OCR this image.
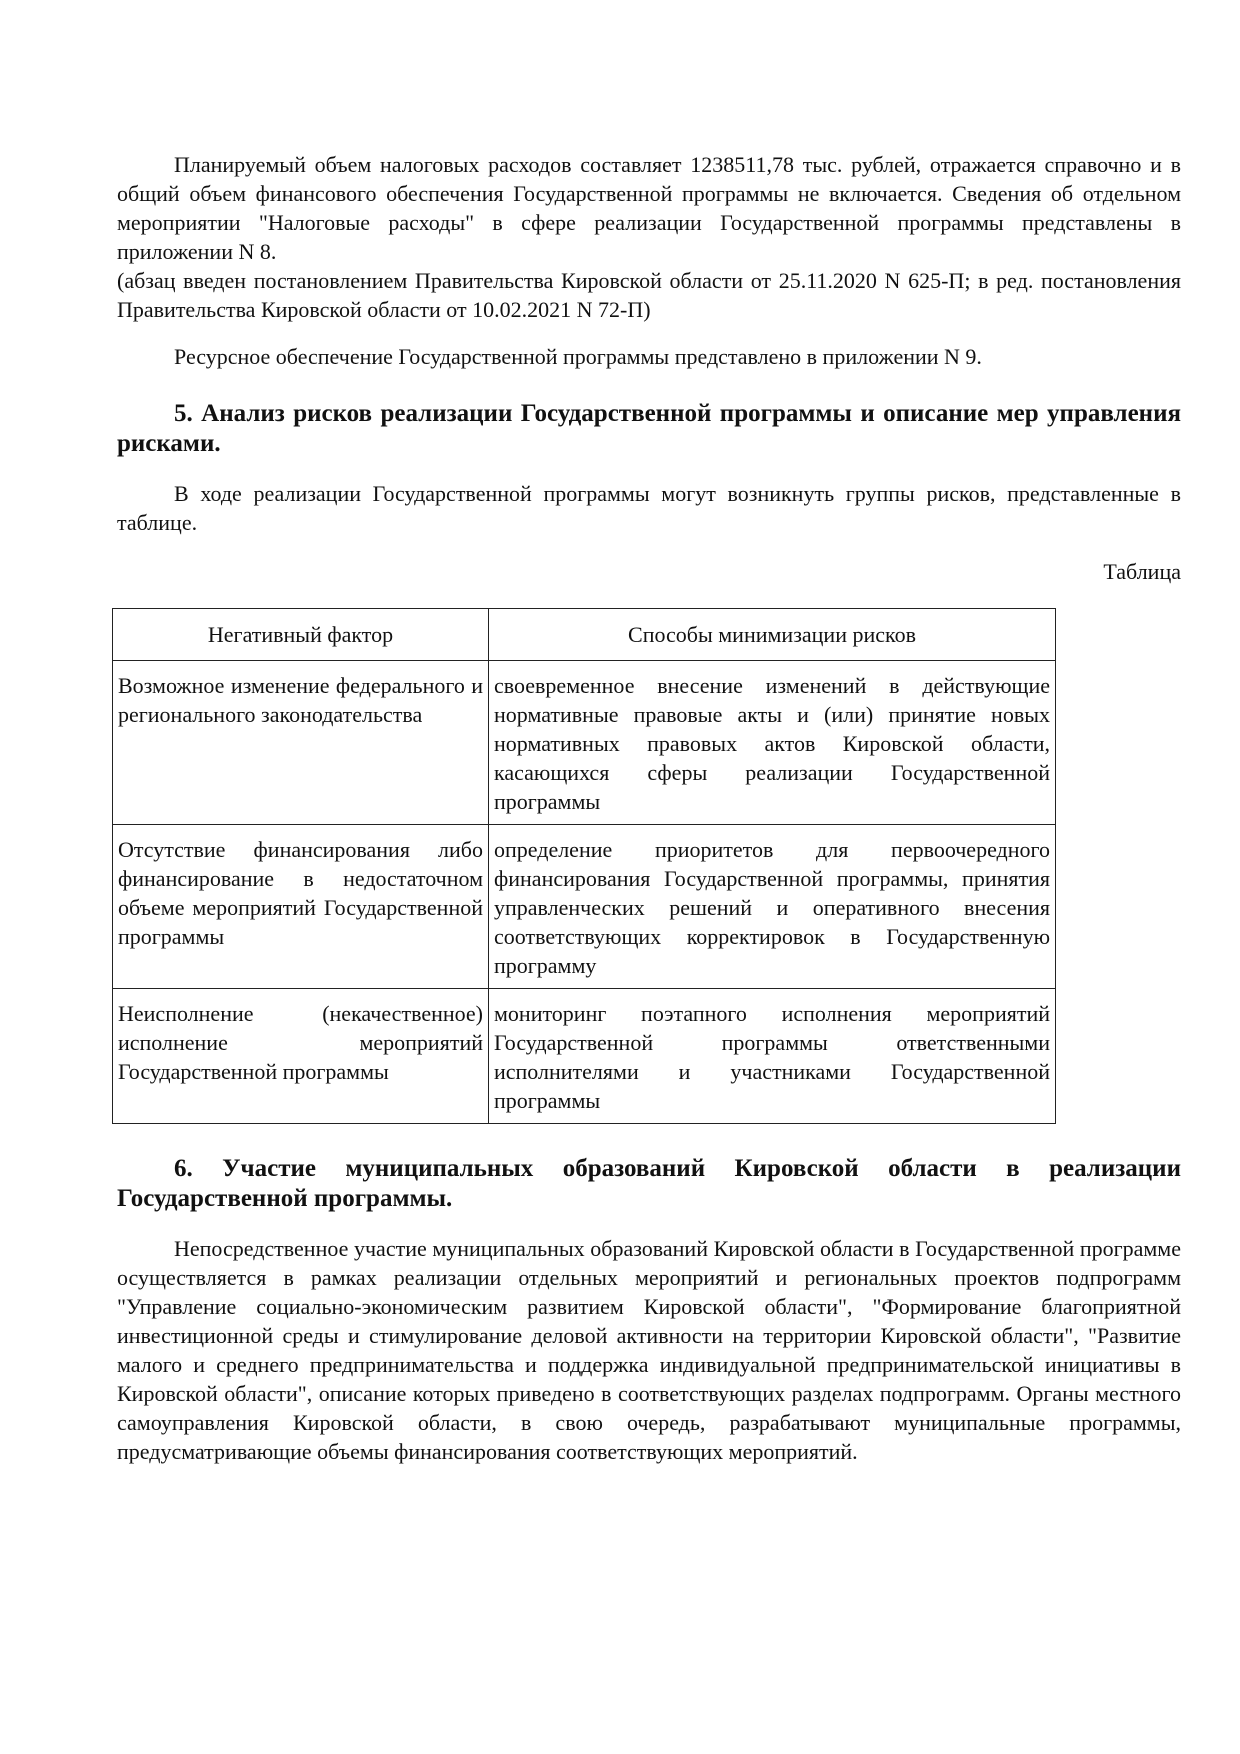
Планируемый объем налоговых расходов составляет 1238511,78 тыс. рублей, отражается справочно и в общий объем финансового обеспечения Государственной программы не включается. Сведения об отдельном мероприятии "Налоговые расходы" в сфере реализации Государственной программы представлены в приложении N 8.

(абзац введен постановлением Правительства Кировской области от 25.11.2020 N 625-П; в ред. постановления Правительства Кировской области от 10.02.2021 N 72-П)

Ресурсное обеспечение Государственной программы представлено в приложении N 9.

5. Анализ рисков реализации Государственной программы и описание мер управления рисками.

В ходе реализации Государственной программы могут возникнуть группы рисков, представленные в таблице.

Таблица

Негативный фактор	Способы минимизации рисков
Возможное изменение федерального и регионального законодательства	своевременное внесение изменений в действующие нормативные правовые акты и (или) принятие новых нормативных правовых актов Кировской области, касающихся сферы реализации Государственной программы
Отсутствие финансирования либо финансирование в недостаточном объеме мероприятий Государственной программы	определение приоритетов для первоочередного финансирования Государственной программы, принятия управленческих решений и оперативного внесения соответствующих корректировок в Государственную программу
Неисполнение (некачественное) исполнение мероприятий Государственной программы	мониторинг поэтапного исполнения мероприятий Государственной программы ответственными исполнителями и участниками Государственной программы
6. Участие муниципальных образований Кировской области в реализации Государственной программы.

Непосредственное участие муниципальных образований Кировской области в Государственной программе осуществляется в рамках реализации отдельных мероприятий и региональных проектов подпрограмм "Управление социально-экономическим развитием Кировской области", "Формирование благоприятной инвестиционной среды и стимулирование деловой активности на территории Кировской области", "Развитие малого и среднего предпринимательства и поддержка индивидуальной предпринимательской инициативы в Кировской области", описание которых приведено в соответствующих разделах подпрограмм. Органы местного самоуправления Кировской области, в свою очередь, разрабатывают муниципальные программы, предусматривающие объемы финансирования соответствующих мероприятий.
